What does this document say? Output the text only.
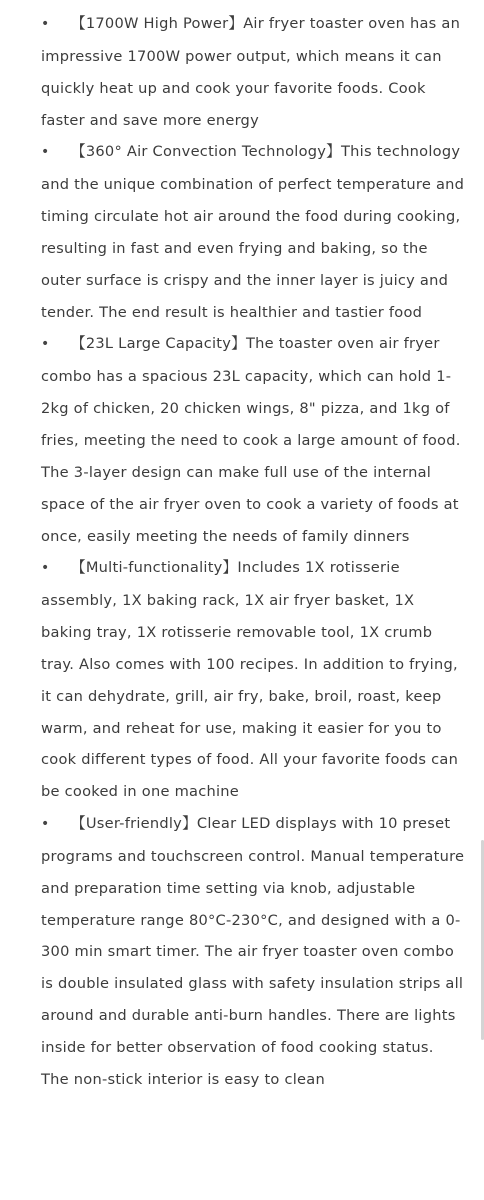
• 【1700W High Power】Air fryer toaster oven has an impressive 1700W power output, which means it can quickly heat up and cook your favorite foods. Cook faster and save more energy
• 【360° Air Convection Technology】This technology and the unique combination of perfect temperature and timing circulate hot air around the food during cooking, resulting in fast and even frying and baking, so the outer surface is crispy and the inner layer is juicy and tender. The end result is healthier and tastier food
• 【23L Large Capacity】The toaster oven air fryer combo has a spacious 23L capacity, which can hold 1-2kg of chicken, 20 chicken wings, 8" pizza, and 1kg of fries, meeting the need to cook a large amount of food. The 3-layer design can make full use of the internal space of the air fryer oven to cook a variety of foods at once, easily meeting the needs of family dinners
• 【Multi-functionality】Includes 1X rotisserie assembly, 1X baking rack, 1X air fryer basket, 1X baking tray, 1X rotisserie removable tool, 1X crumb tray. Also comes with 100 recipes. In addition to frying, it can dehydrate, grill, air fry, bake, broil, roast, keep warm, and reheat for use, making it easier for you to cook different types of food. All your favorite foods can be cooked in one machine
• 【User-friendly】Clear LED displays with 10 preset programs and touchscreen control. Manual temperature and preparation time setting via knob, adjustable temperature range 80°C-230°C, and designed with a 0-300 min smart timer. The air fryer toaster oven combo is double insulated glass with safety insulation strips all around and durable anti-burn handles. There are lights inside for better observation of food cooking status. The non-stick interior is easy to clean
